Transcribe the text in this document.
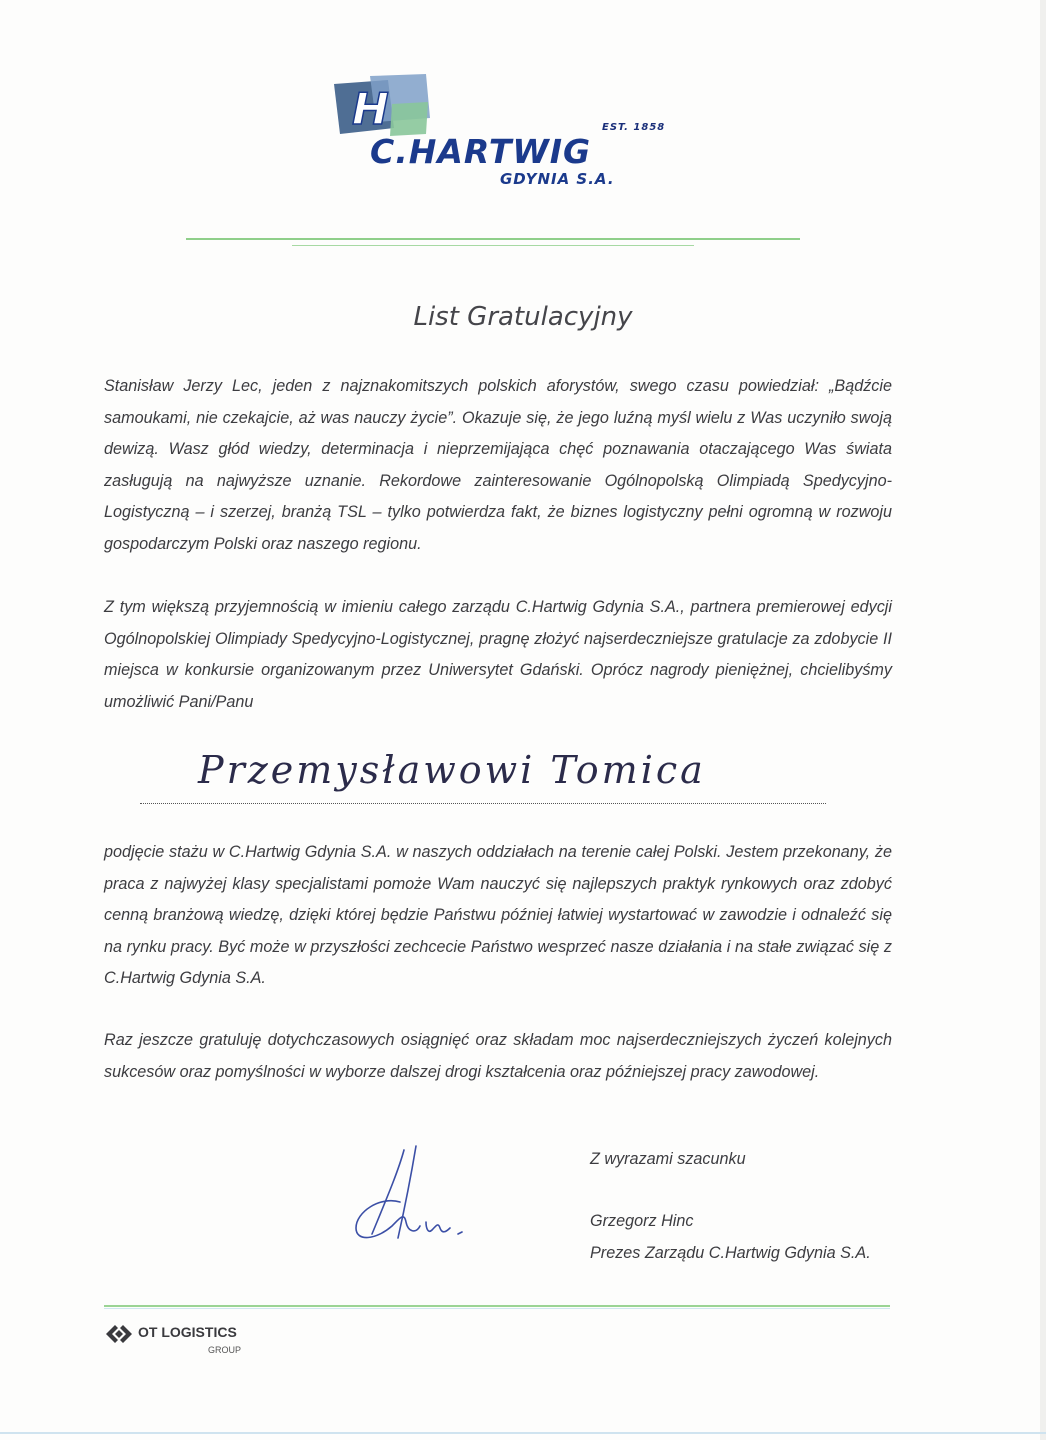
H	EST. 1858
C.HARTWIG
GDYNIA S.A.
List Gratulacyjny

Stanisław Jerzy Lec, jeden z najznakomitszych polskich aforystów, swego czasu powiedział: „Bądźcie samoukami, nie czekajcie, aż was nauczy życie”. Okazuje się, że jego luźną myśl wielu z Was uczyniło swoją dewizą. Wasz głód wiedzy, determinacja i nieprzemijająca chęć poznawania otaczającego Was świata zasługują na najwyższe uznanie. Rekordowe zainteresowanie Ogólnopolską Olimpiadą Spedycyjno-Logistyczną – i szerzej, branżą TSL – tylko potwierdza fakt, że biznes logistyczny pełni ogromną w rozwoju gospodarczym Polski oraz naszego regionu.

Z tym większą przyjemnością w imieniu całego zarządu C.Hartwig Gdynia S.A., partnera premierowej edycji Ogólnopolskiej Olimpiady Spedycyjno-Logistycznej, pragnę złożyć najserdeczniejsze gratulacje za zdobycie II miejsca w konkursie organizowanym przez Uniwersytet Gdański. Oprócz nagrody pieniężnej, chcielibyśmy umożliwić Pani/Panu

Przemysławowi Tomica

podjęcie stażu w C.Hartwig Gdynia S.A. w naszych oddziałach na terenie całej Polski. Jestem przekonany, że praca z najwyżej klasy specjalistami pomoże Wam nauczyć się najlepszych praktyk rynkowych oraz zdobyć cenną branżową wiedzę, dzięki której będzie Państwu później łatwiej wystartować w zawodzie i odnaleźć się na rynku pracy. Być może w przyszłości zechcecie Państwo wesprzeć nasze działania i na stałe związać się z C.Hartwig Gdynia S.A.

Raz jeszcze gratuluję dotychczasowych osiągnięć oraz składam moc najserdeczniejszych życzeń kolejnych sukcesów oraz pomyślności w wyborze dalszej drogi kształcenia oraz późniejszej pracy zawodowej.

Z wyrazami szacunku
Grzegorz Hinc
Prezes Zarządu C.Hartwig Gdynia S.A.
OT LOGISTICS
GROUP
